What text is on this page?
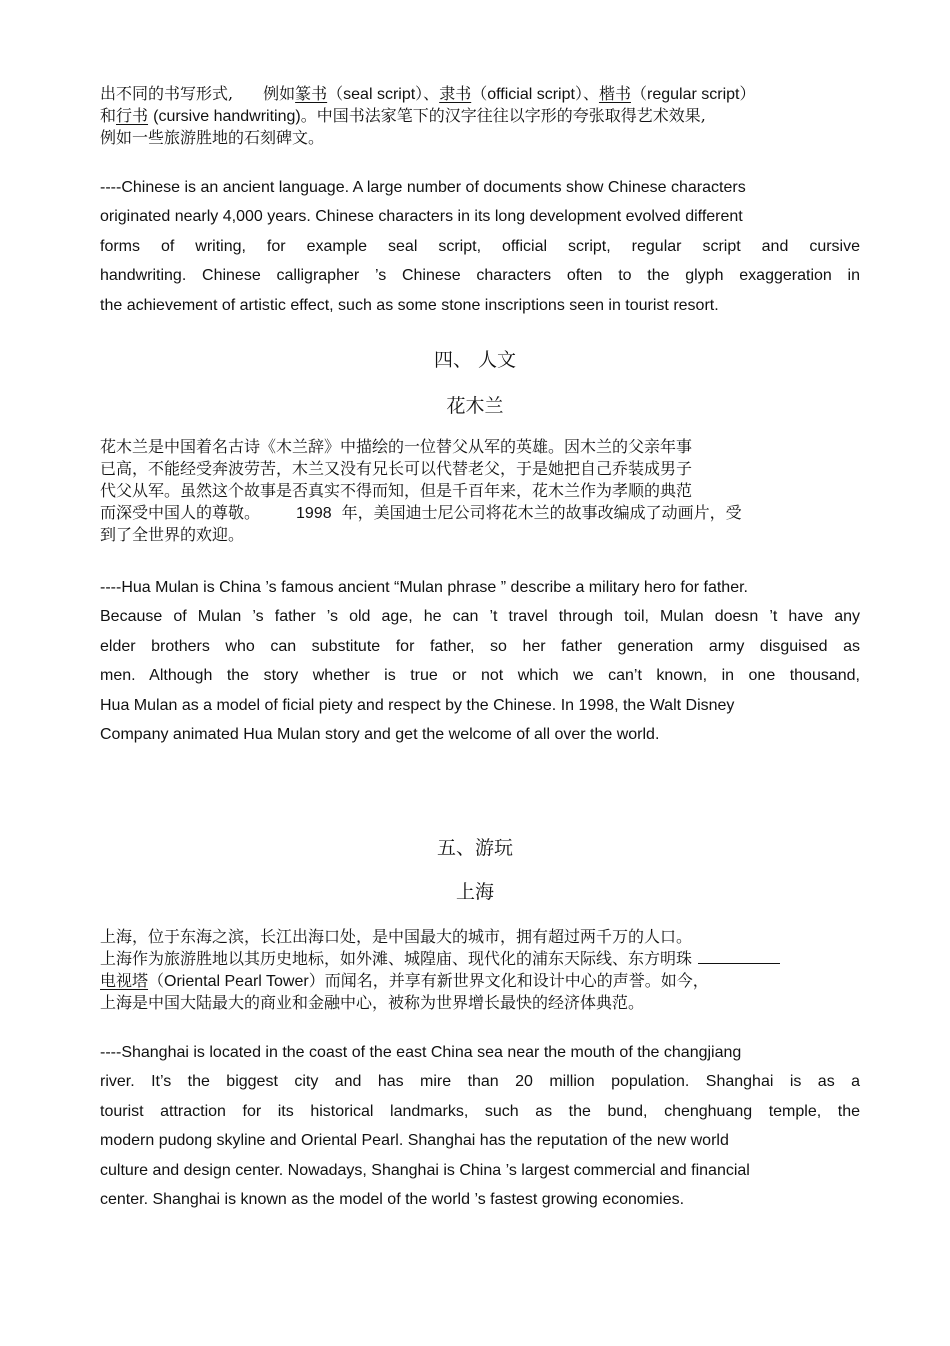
出不同的书写形式, 例如篆书（seal script）、隶书（official script）、楷书（regular script）
和行书 (cursive handwriting)。中国书法家笔下的汉字往往以字形的夸张取得艺术效果,
例如一些旅游胜地的石刻碑文。
----Chinese is an ancient language. A large number of documents show Chinese characters
originated nearly 4,000 years. Chinese characters in its long development evolved different
forms of writing, for example seal script, official script, regular script and cursive
handwriting. Chinese calligrapher ’s Chinese characters often to the glyph exaggeration in
the achievement of artistic effect, such as some stone inscriptions seen in tourist resort.
四、 人文
花木兰
花木兰是中国着名古诗《木兰辞》中描绘的一位替父从军的英雄。因木兰的父亲年事
已高，不能经受奔波劳苦，木兰又没有兄长可以代替老父，于是她把自己乔装成男子
代父从军。虽然这个故事是否真实不得而知，但是千百年来，花木兰作为孝顺的典范
而深受中国人的尊敬。 1998 年，美国迪士尼公司将花木兰的故事改编成了动画片，受
到了全世界的欢迎。
----Hua Mulan is China ’s famous ancient “Mulan phrase ” describe a military hero for father.
Because of Mulan ’s father ’s old age, he can ’t travel through toil, Mulan doesn ’t have any
elder brothers who can substitute for father, so her father generation army disguised as
men. Although the story whether is true or not which we can’t known, in one thousand,
Hua Mulan as a model of ficial piety and respect by the Chinese. In 1998, the Walt Disney
Company animated Hua Mulan story and get the welcome of all over the world.
五、游玩
上海
上海，位于东海之滨，长江出海口处，是中国最大的城市，拥有超过两千万的人口。
上海作为旅游胜地以其历史地标，如外滩、城隍庙、现代化的浦东天际线、东方明珠
电视塔（Oriental Pearl Tower）而闻名，并享有新世界文化和设计中心的声誉。如今，
上海是中国大陆最大的商业和金融中心，被称为世界增长最快的经济体典范。
----Shanghai is located in the coast of the east China sea near the mouth of the changjiang
river. It’s the biggest city and has mire than 20 million population. Shanghai is as a
tourist attraction for its historical landmarks, such as the bund, chenghuang temple, the
modern pudong skyline and Oriental Pearl. Shanghai has the reputation of the new world
culture and design center. Nowadays, Shanghai is China ’s largest commercial and financial
center. Shanghai is known as the model of the world ’s fastest growing economies.
